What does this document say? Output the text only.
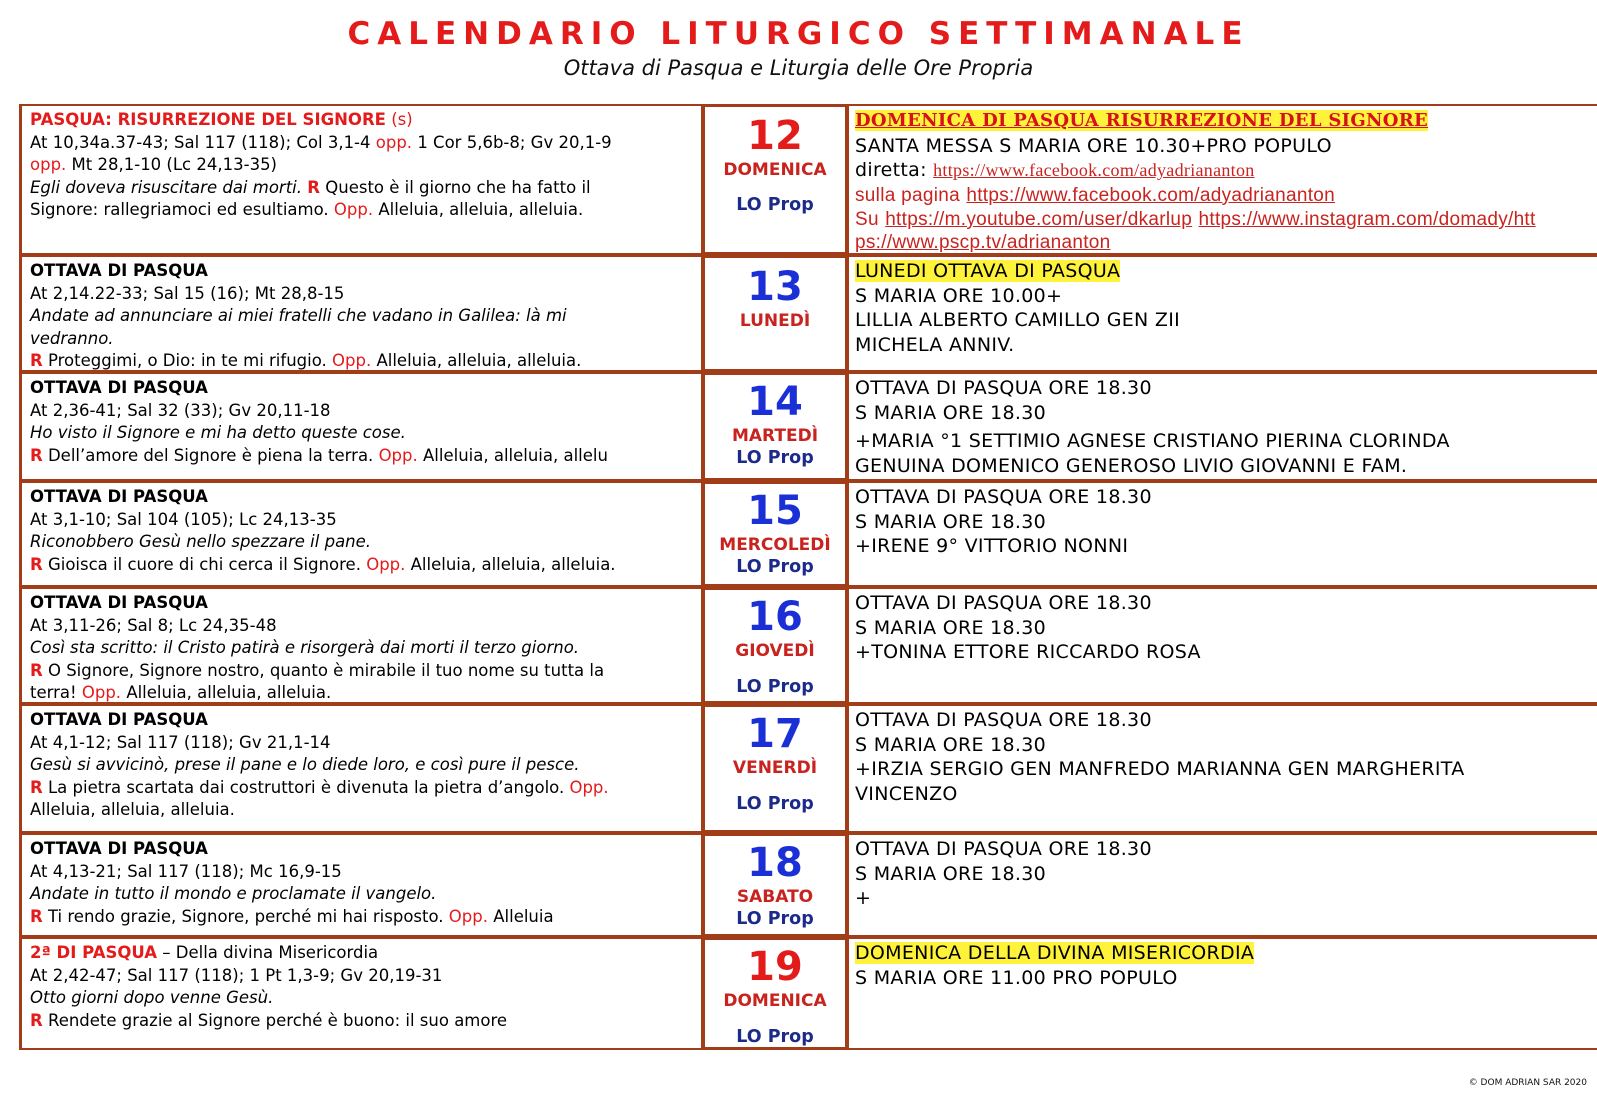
CALENDARIO LITURGICO SETTIMANALE
Ottava di Pasqua e Liturgia delle Ore Propria
PASQUA: RISURREZIONE DEL SIGNORE (s)
At 10,34a.37-43; Sal 117 (118); Col 3,1-4 opp. 1 Cor 5,6b-8; Gv 20,1-9
opp. Mt 28,1-10 (Lc 24,13-35)
Egli doveva risuscitare dai morti. R Questo è il giorno che ha fatto il
Signore: rallegriamoci ed esultiamo. Opp. Alleluia, alleluia, alleluia.
12
DOMENICA
LO Prop
DOMENICA DI PASQUA RISURREZIONE DEL SIGNORE
SANTA MESSA S MARIA ORE 10.30+PRO POPULO
diretta: https://www.facebook.com/adyadriananton
sulla pagina https://www.facebook.com/adyadriananton
Su https://m.youtube.com/user/dkarlup https://www.instagram.com/domady/htt
ps://www.pscp.tv/adriananton
OTTAVA DI PASQUA
At 2,14.22-33; Sal 15 (16); Mt 28,8-15
Andate ad annunciare ai miei fratelli che vadano in Galilea: là mi
vedranno.
R Proteggimi, o Dio: in te mi rifugio. Opp. Alleluia, alleluia, alleluia.
13
LUNEDÌ
LUNEDI OTTAVA DI PASQUA
S MARIA ORE 10.00+
LILLIA ALBERTO CAMILLO GEN ZII
MICHELA ANNIV.
OTTAVA DI PASQUA
At 2,36-41; Sal 32 (33); Gv 20,11-18
Ho visto il Signore e mi ha detto queste cose.
R Dell’amore del Signore è piena la terra. Opp. Alleluia, alleluia, allelu
14
MARTEDÌ
LO Prop
OTTAVA DI PASQUA ORE 18.30
S MARIA ORE 18.30
+MARIA °1 SETTIMIO AGNESE CRISTIANO PIERINA CLORINDA
GENUINA DOMENICO GENEROSO LIVIO GIOVANNI E FAM.
OTTAVA DI PASQUA
At 3,1-10; Sal 104 (105); Lc 24,13-35
Riconobbero Gesù nello spezzare il pane.
R Gioisca il cuore di chi cerca il Signore. Opp. Alleluia, alleluia, alleluia.
15
MERCOLEDÌ
LO Prop
OTTAVA DI PASQUA ORE 18.30
S MARIA ORE 18.30
+IRENE 9° VITTORIO NONNI
OTTAVA DI PASQUA
At 3,11-26; Sal 8; Lc 24,35-48
Così sta scritto: il Cristo patirà e risorgerà dai morti il terzo giorno.
R O Signore, Signore nostro, quanto è mirabile il tuo nome su tutta la
terra! Opp. Alleluia, alleluia, alleluia.
16
GIOVEDÌ
LO Prop
OTTAVA DI PASQUA ORE 18.30
S MARIA ORE 18.30
+TONINA ETTORE RICCARDO ROSA
OTTAVA DI PASQUA
At 4,1-12; Sal 117 (118); Gv 21,1-14
Gesù si avvicinò, prese il pane e lo diede loro, e così pure il pesce.
R La pietra scartata dai costruttori è divenuta la pietra d’angolo. Opp.
Alleluia, alleluia, alleluia.
17
VENERDÌ
LO Prop
OTTAVA DI PASQUA ORE 18.30
S MARIA ORE 18.30
+IRZIA SERGIO GEN MANFREDO MARIANNA GEN MARGHERITA
VINCENZO
OTTAVA DI PASQUA
At 4,13-21; Sal 117 (118); Mc 16,9-15
Andate in tutto il mondo e proclamate il vangelo.
R Ti rendo grazie, Signore, perché mi hai risposto. Opp. Alleluia
18
SABATO
LO Prop
OTTAVA DI PASQUA ORE 18.30
S MARIA ORE 18.30
+
2ª DI PASQUA – Della divina Misericordia
At 2,42-47; Sal 117 (118); 1 Pt 1,3-9; Gv 20,19-31
Otto giorni dopo venne Gesù.
R Rendete grazie al Signore perché è buono: il suo amore
19
DOMENICA
LO Prop
DOMENICA DELLA DIVINA MISERICORDIA
S MARIA ORE 11.00 PRO POPULO
© DOM ADRIAN SAR 2020
